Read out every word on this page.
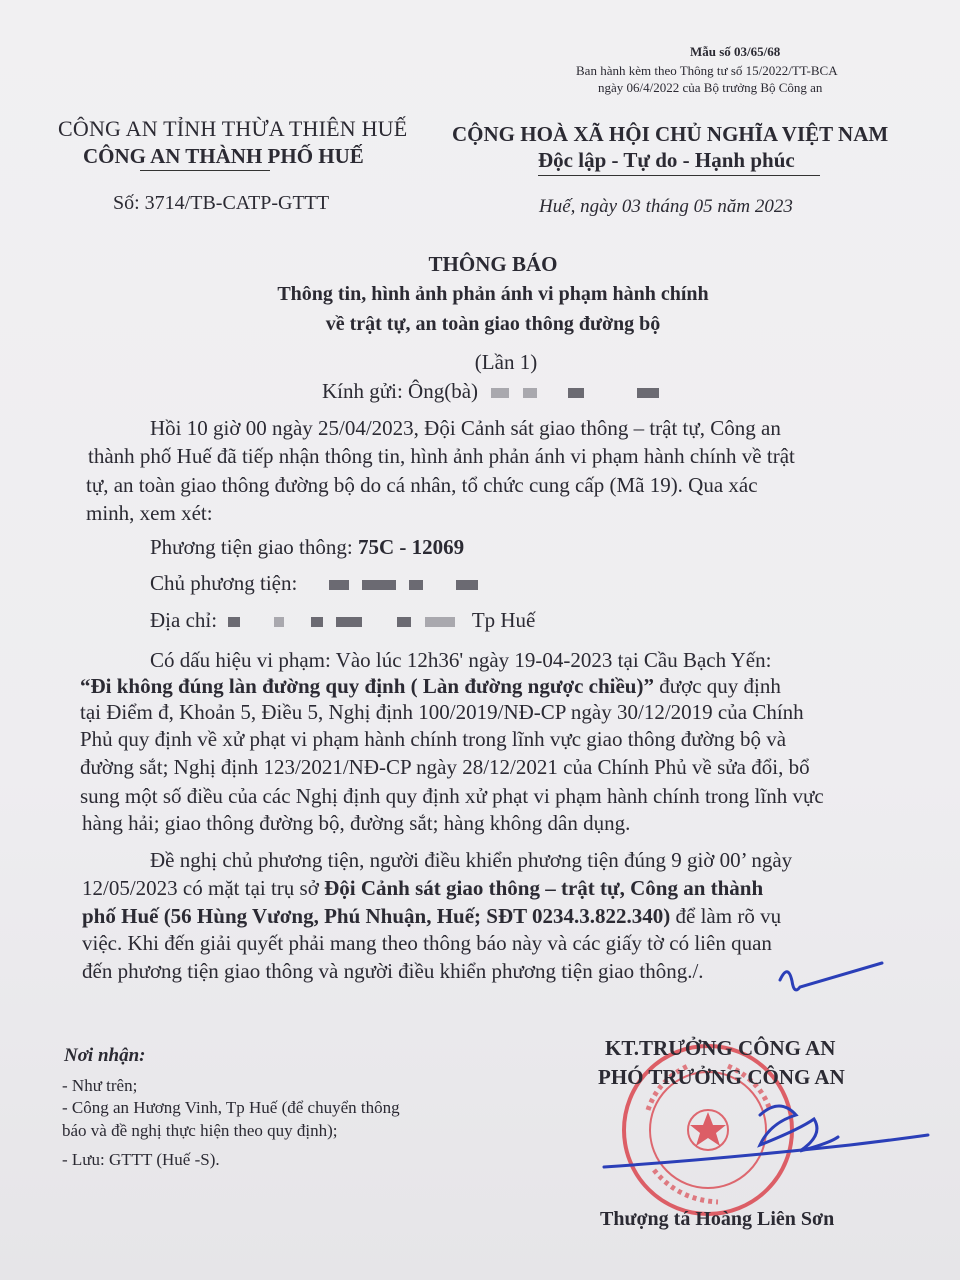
Mẫu số 03/65/68
Ban hành kèm theo Thông tư số 15/2022/TT-BCA
ngày 06/4/2022 của Bộ trưởng Bộ Công an
CÔNG AN TỈNH THỪA THIÊN HUẾ
CÔNG AN THÀNH PHỐ HUẾ
Số: 3714/TB-CATP-GTTT
CỘNG HOÀ XÃ HỘI CHỦ NGHĨA VIỆT NAM
Độc lập - Tự do - Hạnh phúc
Huế, ngày 03 tháng 05 năm 2023
THÔNG BÁO
Thông tin, hình ảnh phản ánh vi phạm hành chính
về trật tự, an toàn giao thông đường bộ
(Lần 1)
Kính gửi: Ông(bà)
Hồi 10 giờ 00 ngày 25/04/2023, Đội Cảnh sát giao thông – trật tự, Công an
thành phố Huế đã tiếp nhận thông tin, hình ảnh phản ánh vi phạm hành chính về trật
tự, an toàn giao thông đường bộ do cá nhân, tổ chức cung cấp (Mã 19). Qua xác
minh, xem xét:
Phương tiện giao thông: 75C - 12069
Chủ phương tiện:
Địa chỉ:	Tp Huế
Có dấu hiệu vi phạm: Vào lúc 12h36' ngày 19-04-2023 tại Cầu Bạch Yến:
“Đi không đúng làn đường quy định ( Làn đường ngược chiều)” được quy định
tại Điểm đ, Khoản 5, Điều 5, Nghị định 100/2019/NĐ-CP ngày 30/12/2019 của Chính
Phủ quy định về xử phạt vi phạm hành chính trong lĩnh vực giao thông đường bộ và
đường sắt; Nghị định 123/2021/NĐ-CP ngày 28/12/2021 của Chính Phủ về sửa đổi, bổ
sung một số điều của các Nghị định quy định xử phạt vi phạm hành chính trong lĩnh vực
hàng hải; giao thông đường bộ, đường sắt; hàng không dân dụng.
Đề nghị chủ phương tiện, người điều khiển phương tiện đúng 9 giờ 00’ ngày
12/05/2023 có mặt tại trụ sở Đội Cảnh sát giao thông – trật tự, Công an thành
phố Huế (56 Hùng Vương, Phú Nhuận, Huế; SĐT 0234.3.822.340) để làm rõ vụ
việc. Khi đến giải quyết phải mang theo thông báo này và các giấy tờ có liên quan
đến phương tiện giao thông và người điều khiển phương tiện giao thông./.
Nơi nhận:
- Như trên;
- Công an Hương Vinh, Tp Huế (để chuyển thông
báo và đề nghị thực hiện theo quy định);
- Lưu: GTTT (Huế -S).
KT.TRƯỞNG CÔNG AN
PHÓ TRƯỞNG CÔNG AN
Thượng tá Hoàng Liên Sơn
